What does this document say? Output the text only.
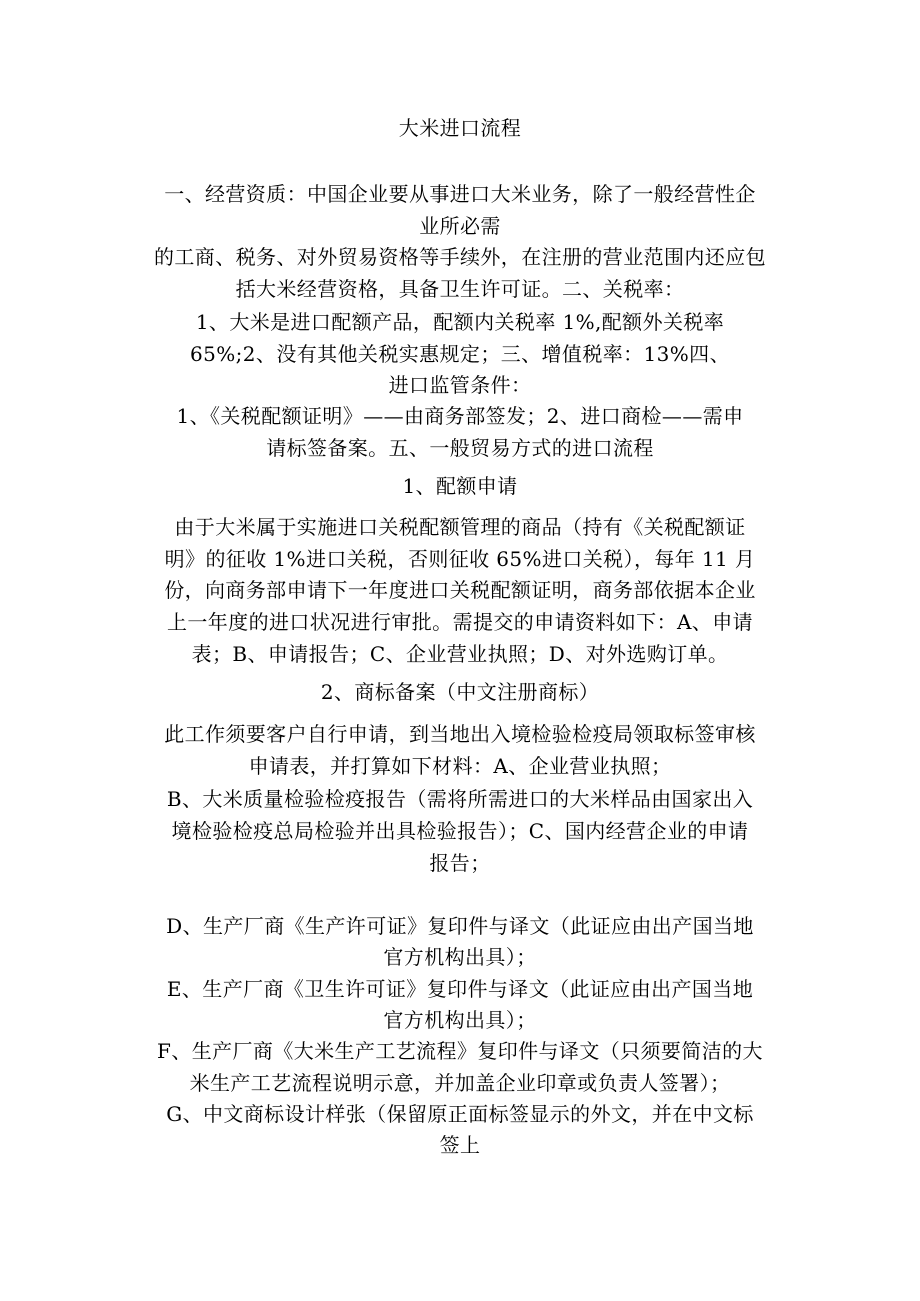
大米进口流程
一、经营资质：中国企业要从事进口大米业务，除了一般经营性企
业所必需
的工商、税务、对外贸易资格等手续外，在注册的营业范围内还应包
括大米经营资格，具备卫生许可证。二、关税率：
1、大米是进口配额产品，配额内关税率 1%,配额外关税率
65%;2、没有其他关税实惠规定；三、增值税率：13%四、
进口监管条件：
1、《关税配额证明》——由商务部签发；2、进口商检——需申
请标签备案。五、一般贸易方式的进口流程
1、配额申请
由于大米属于实施进口关税配额管理的商品（持有《关税配额证
明》的征收 1%进口关税，否则征收 65%进口关税），每年 11 月
份，向商务部申请下一年度进口关税配额证明，商务部依据本企业
上一年度的进口状况进行审批。需提交的申请资料如下：A、申请
表；B、申请报告；C、企业营业执照；D、对外选购订单。
2、商标备案（中文注册商标）
此工作须要客户自行申请，到当地出入境检验检疫局领取标签审核
申请表，并打算如下材料：A、企业营业执照；
B、大米质量检验检疫报告（需将所需进口的大米样品由国家出入
境检验检疫总局检验并出具检验报告）；C、国内经营企业的申请
报告；
D、生产厂商《生产许可证》复印件与译文（此证应由出产国当地
官方机构出具）；
E、生产厂商《卫生许可证》复印件与译文（此证应由出产国当地
官方机构出具）；
F、生产厂商《大米生产工艺流程》复印件与译文（只须要简洁的大
米生产工艺流程说明示意，并加盖企业印章或负责人签署）；
G、中文商标设计样张（保留原正面标签显示的外文，并在中文标
签上
